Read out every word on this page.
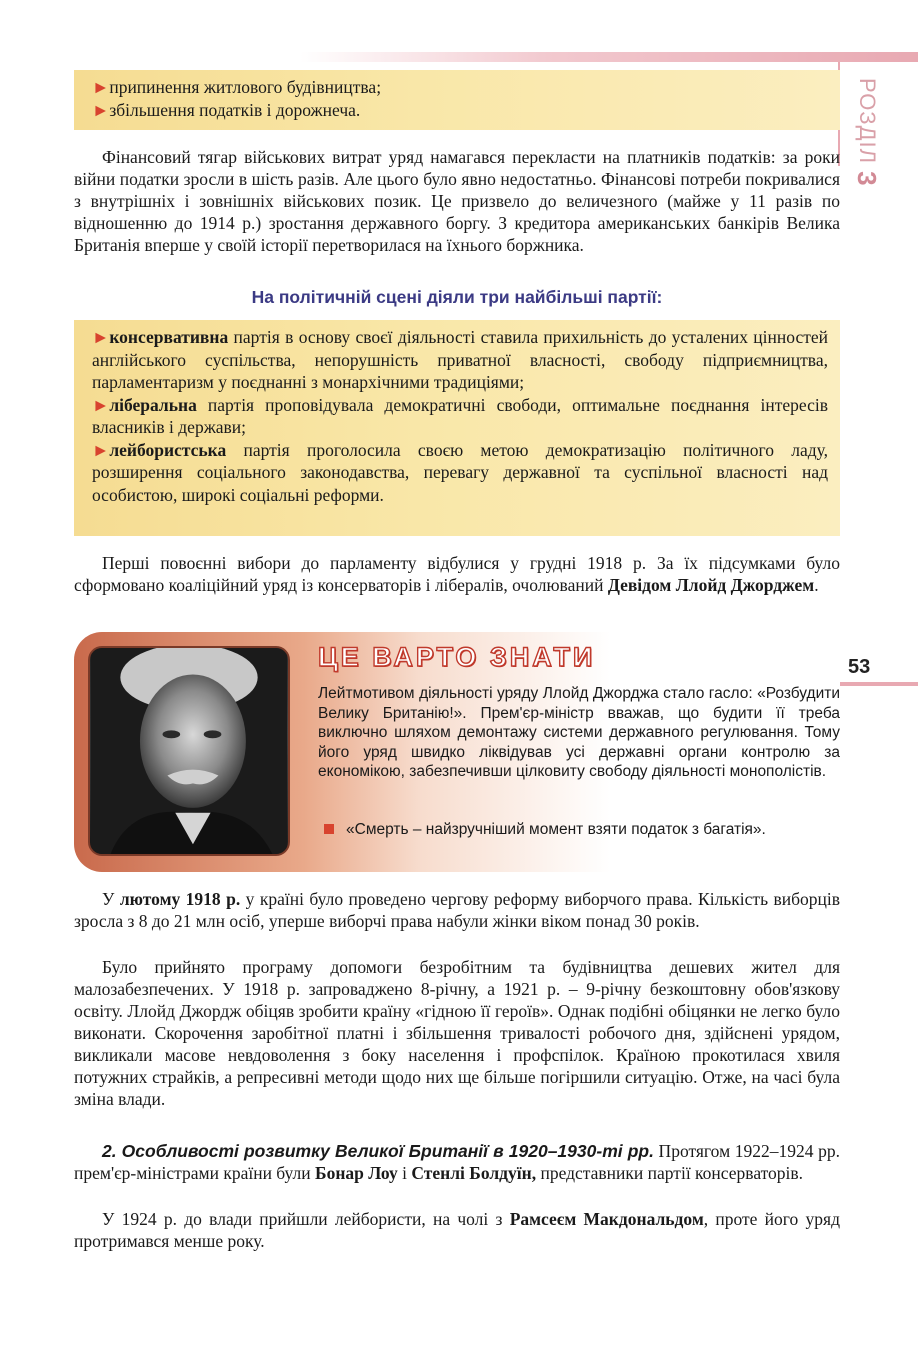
РОЗДІЛ 3
53
►припинення житлового будівництва;
►збільшення податків і дорожнеча.
Фінансовий тягар військових витрат уряд намагався перекласти на платників податків: за роки війни податки зросли в шість разів. Але цього було явно недостатньо. Фінансові потреби покривалися з внутрішніх і зовнішніх військових позик. Це призвело до величезного (майже у 11 разів по відношенню до 1914 р.) зростання державного боргу. З кредитора американських банкірів Велика Британія вперше у своїй історії перетворилася на їхнього боржника.
На політичній сцені діяли три найбільші партії:

►консервативна партія в основу своєї діяльності ставила прихильність до усталених цінностей англійського суспільства, непорушність приватної власності, свободу підприємництва, парламентаризм у поєднанні з монархічними традиціями;

►ліберальна партія проповідувала демократичні свободи, оптимальне поєднання інтересів власників і держави;

►лейбористська партія проголосила своєю метою демократизацію політичного ладу, розширення соціального законодавства, перевагу державної та суспільної власності над особистою, широкі соціальні реформи.

Перші повоєнні вибори до парламенту відбулися у грудні 1918 р. За їх підсумками було сформовано коаліційний уряд із консерваторів і лібералів, очолюваний Девідом Ллойд Джорджем.
ЦЕ ВАРТО ЗНАТИ
Лейтмотивом діяльності уряду Ллойд Джорджа стало гасло: «Розбудити Велику Британію!». Прем'єр-міністр вважав, що будити її треба виключно шляхом демонтажу системи державного регулювання. Тому його уряд швидко ліквідував усі державні органи контролю за економікою, забезпечивши цілковиту свободу діяльності монополістів.
«Смерть – найзручніший момент взяти податок з багатія».
У лютому 1918 р. у країні було проведено чергову реформу виборчого права. Кількість виборців зросла з 8 до 21 млн осіб, уперше виборчі права набули жінки віком понад 30 років.
Було прийнято програму допомоги безробітним та будівництва дешевих жител для малозабезпечених. У 1918 р. запроваджено 8-річну, а 1921 р. – 9-річну безкоштовну обов'язкову освіту. Ллойд Джордж обіцяв зробити країну «гідною її героїв». Однак подібні обіцянки не легко було виконати. Скорочення заробітної платні і збільшення тривалості робочого дня, здійснені урядом, викликали масове невдоволення з боку населення і профспілок. Країною прокотилася хвиля потужних страйків, а репресивні методи щодо них ще більше погіршили ситуацію. Отже, на часі була зміна влади.
2. Особливості розвитку Великої Британії в 1920–1930-ті рр. Протягом 1922–1924 рр. прем'єр-міністрами країни були Бонар Лоу і Стенлі Болдуїн, представники партії консерваторів.
У 1924 р. до влади прийшли лейбористи, на чолі з Рамсеєм Макдональдом, проте його уряд протримався менше року.
